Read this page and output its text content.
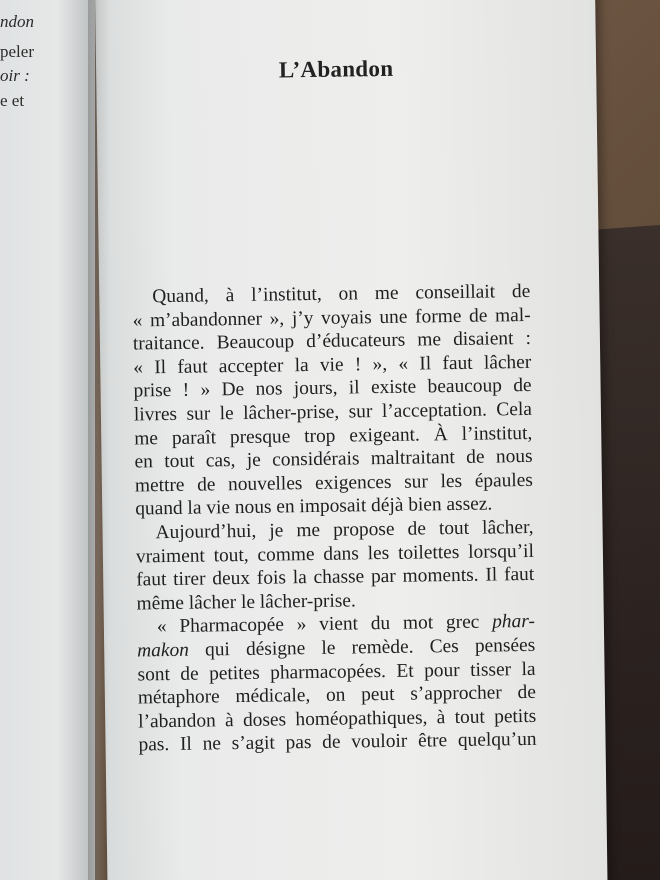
ndon
peler
oir :
e et
L’Abandon
Quand, à l’institut, on me conseillait de
« m’abandonner », j’y voyais une forme de mal-
traitance. Beaucoup d’éducateurs me disaient :
« Il faut accepter la vie ! », « Il faut lâcher
prise ! » De nos jours, il existe beaucoup de
livres sur le lâcher-prise, sur l’acceptation. Cela
me paraît presque trop exigeant. À l’institut,
en tout cas, je considérais maltraitant de nous
mettre de nouvelles exigences sur les épaules
quand la vie nous en imposait déjà bien assez.
Aujourd’hui, je me propose de tout lâcher,
vraiment tout, comme dans les toilettes lorsqu’il
faut tirer deux fois la chasse par moments. Il faut
même lâcher le lâcher-prise.
« Pharmacopée » vient du mot grec phar-
makon qui désigne le remède. Ces pensées
sont de petites pharmacopées. Et pour tisser la
métaphore médicale, on peut s’approcher de
l’abandon à doses homéopathiques, à tout petits
pas. Il ne s’agit pas de vouloir être quelqu’un
